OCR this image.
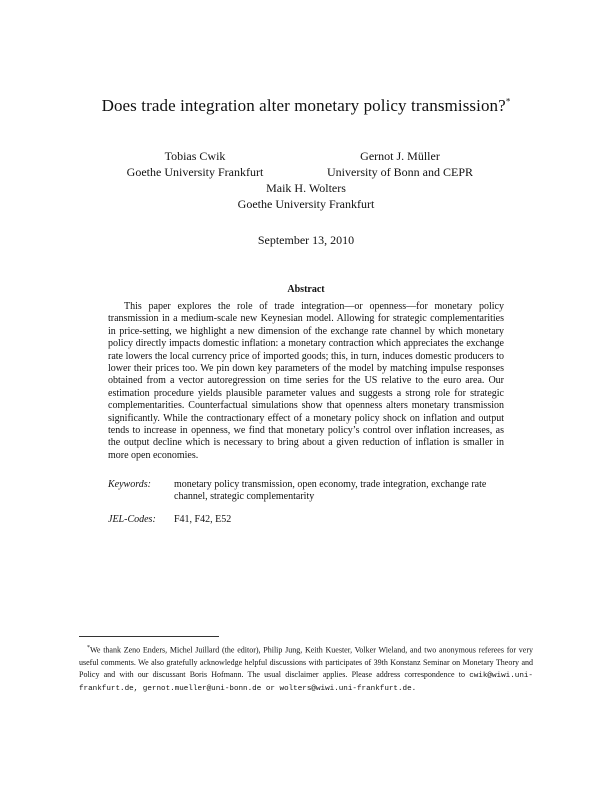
Does trade integration alter monetary policy transmission?*
Tobias Cwik
Goethe University Frankfurt
Gernot J. Müller
University of Bonn and CEPR
Maik H. Wolters
Goethe University Frankfurt
September 13, 2010
Abstract

This paper explores the role of trade integration—or openness—for monetary policy transmission in a medium-scale new Keynesian model. Allowing for strategic complementarities in price-setting, we highlight a new dimension of the exchange rate channel by which monetary policy directly impacts domestic inflation: a monetary contraction which appreciates the exchange rate lowers the local currency price of imported goods; this, in turn, induces domestic producers to lower their prices too. We pin down key parameters of the model by matching impulse responses obtained from a vector autoregression on time series for the US relative to the euro area. Our estimation procedure yields plausible parameter values and suggests a strong role for strategic complementarities. Counterfactual simulations show that openness alters monetary transmission significantly. While the contractionary effect of a monetary policy shock on inflation and output tends to increase in openness, we find that monetary policy’s control over inflation increases, as the output decline which is necessary to bring about a given reduction of inflation is smaller in more open economies.

Keywords: monetary policy transmission, open economy, trade integration, exchange rate channel, strategic complementarity
JEL-Codes: F41, F42, E52

*We thank Zeno Enders, Michel Juillard (the editor), Philip Jung, Keith Kuester, Volker Wieland, and two anonymous referees for very useful comments. We also gratefully acknowledge helpful discussions with participates of 39th Konstanz Seminar on Monetary Theory and Policy and with our discussant Boris Hofmann. The usual disclaimer applies. Please address correspondence to cwik@wiwi.uni-frankfurt.de, gernot.mueller@uni-bonn.de or wolters@wiwi.uni-frankfurt.de.
